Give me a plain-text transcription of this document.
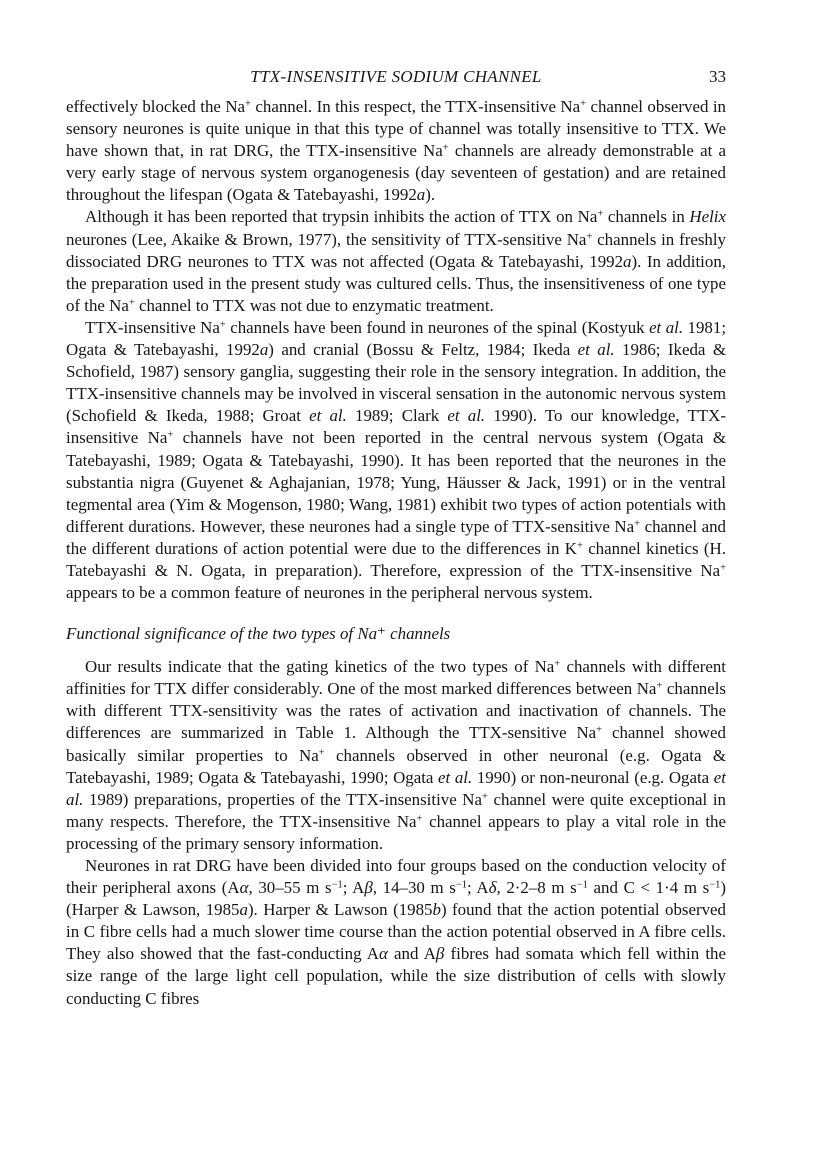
TTX-INSENSITIVE SODIUM CHANNEL	33

effectively blocked the Na+ channel. In this respect, the TTX-insensitive Na+ channel observed in sensory neurones is quite unique in that this type of channel was totally insensitive to TTX. We have shown that, in rat DRG, the TTX-insensitive Na+ channels are already demonstrable at a very early stage of nervous system organogenesis (day seventeen of gestation) and are retained throughout the lifespan (Ogata & Tatebayashi, 1992a).

Although it has been reported that trypsin inhibits the action of TTX on Na+ channels in Helix neurones (Lee, Akaike & Brown, 1977), the sensitivity of TTX-sensitive Na+ channels in freshly dissociated DRG neurones to TTX was not affected (Ogata & Tatebayashi, 1992a). In addition, the preparation used in the present study was cultured cells. Thus, the insensitiveness of one type of the Na+ channel to TTX was not due to enzymatic treatment.

TTX-insensitive Na+ channels have been found in neurones of the spinal (Kostyuk et al. 1981; Ogata & Tatebayashi, 1992a) and cranial (Bossu & Feltz, 1984; Ikeda et al. 1986; Ikeda & Schofield, 1987) sensory ganglia, suggesting their role in the sensory integration. In addition, the TTX-insensitive channels may be involved in visceral sensation in the autonomic nervous system (Schofield & Ikeda, 1988; Groat et al. 1989; Clark et al. 1990). To our knowledge, TTX-insensitive Na+ channels have not been reported in the central nervous system (Ogata & Tatebayashi, 1989; Ogata & Tatebayashi, 1990). It has been reported that the neurones in the substantia nigra (Guyenet & Aghajanian, 1978; Yung, Häusser & Jack, 1991) or in the ventral tegmental area (Yim & Mogenson, 1980; Wang, 1981) exhibit two types of action potentials with different durations. However, these neurones had a single type of TTX-sensitive Na+ channel and the different durations of action potential were due to the differences in K+ channel kinetics (H. Tatebayashi & N. Ogata, in preparation). Therefore, expression of the TTX-insensitive Na+ appears to be a common feature of neurones in the peripheral nervous system.

Functional significance of the two types of Na⁺ channels

Our results indicate that the gating kinetics of the two types of Na+ channels with different affinities for TTX differ considerably. One of the most marked differences between Na+ channels with different TTX-sensitivity was the rates of activation and inactivation of channels. The differences are summarized in Table 1. Although the TTX-sensitive Na+ channel showed basically similar properties to Na+ channels observed in other neuronal (e.g. Ogata & Tatebayashi, 1989; Ogata & Tatebayashi, 1990; Ogata et al. 1990) or non-neuronal (e.g. Ogata et al. 1989) preparations, properties of the TTX-insensitive Na+ channel were quite exceptional in many respects. Therefore, the TTX-insensitive Na+ channel appears to play a vital role in the processing of the primary sensory information.

Neurones in rat DRG have been divided into four groups based on the conduction velocity of their peripheral axons (Aα, 30–55 m $s^{-1}$; Aβ, 14–30 m $s^{-1}$; Aδ, 2·2–8 m $s^{-1}$ and C < 1·4 m $s^{-1}$) (Harper & Lawson, 1985a). Harper & Lawson (1985b) found that the action potential observed in C fibre cells had a much slower time course than the action potential observed in A fibre cells. They also showed that the fast-conducting Aα and Aβ fibres had somata which fell within the size range of the large light cell population, while the size distribution of cells with slowly conducting C fibres
